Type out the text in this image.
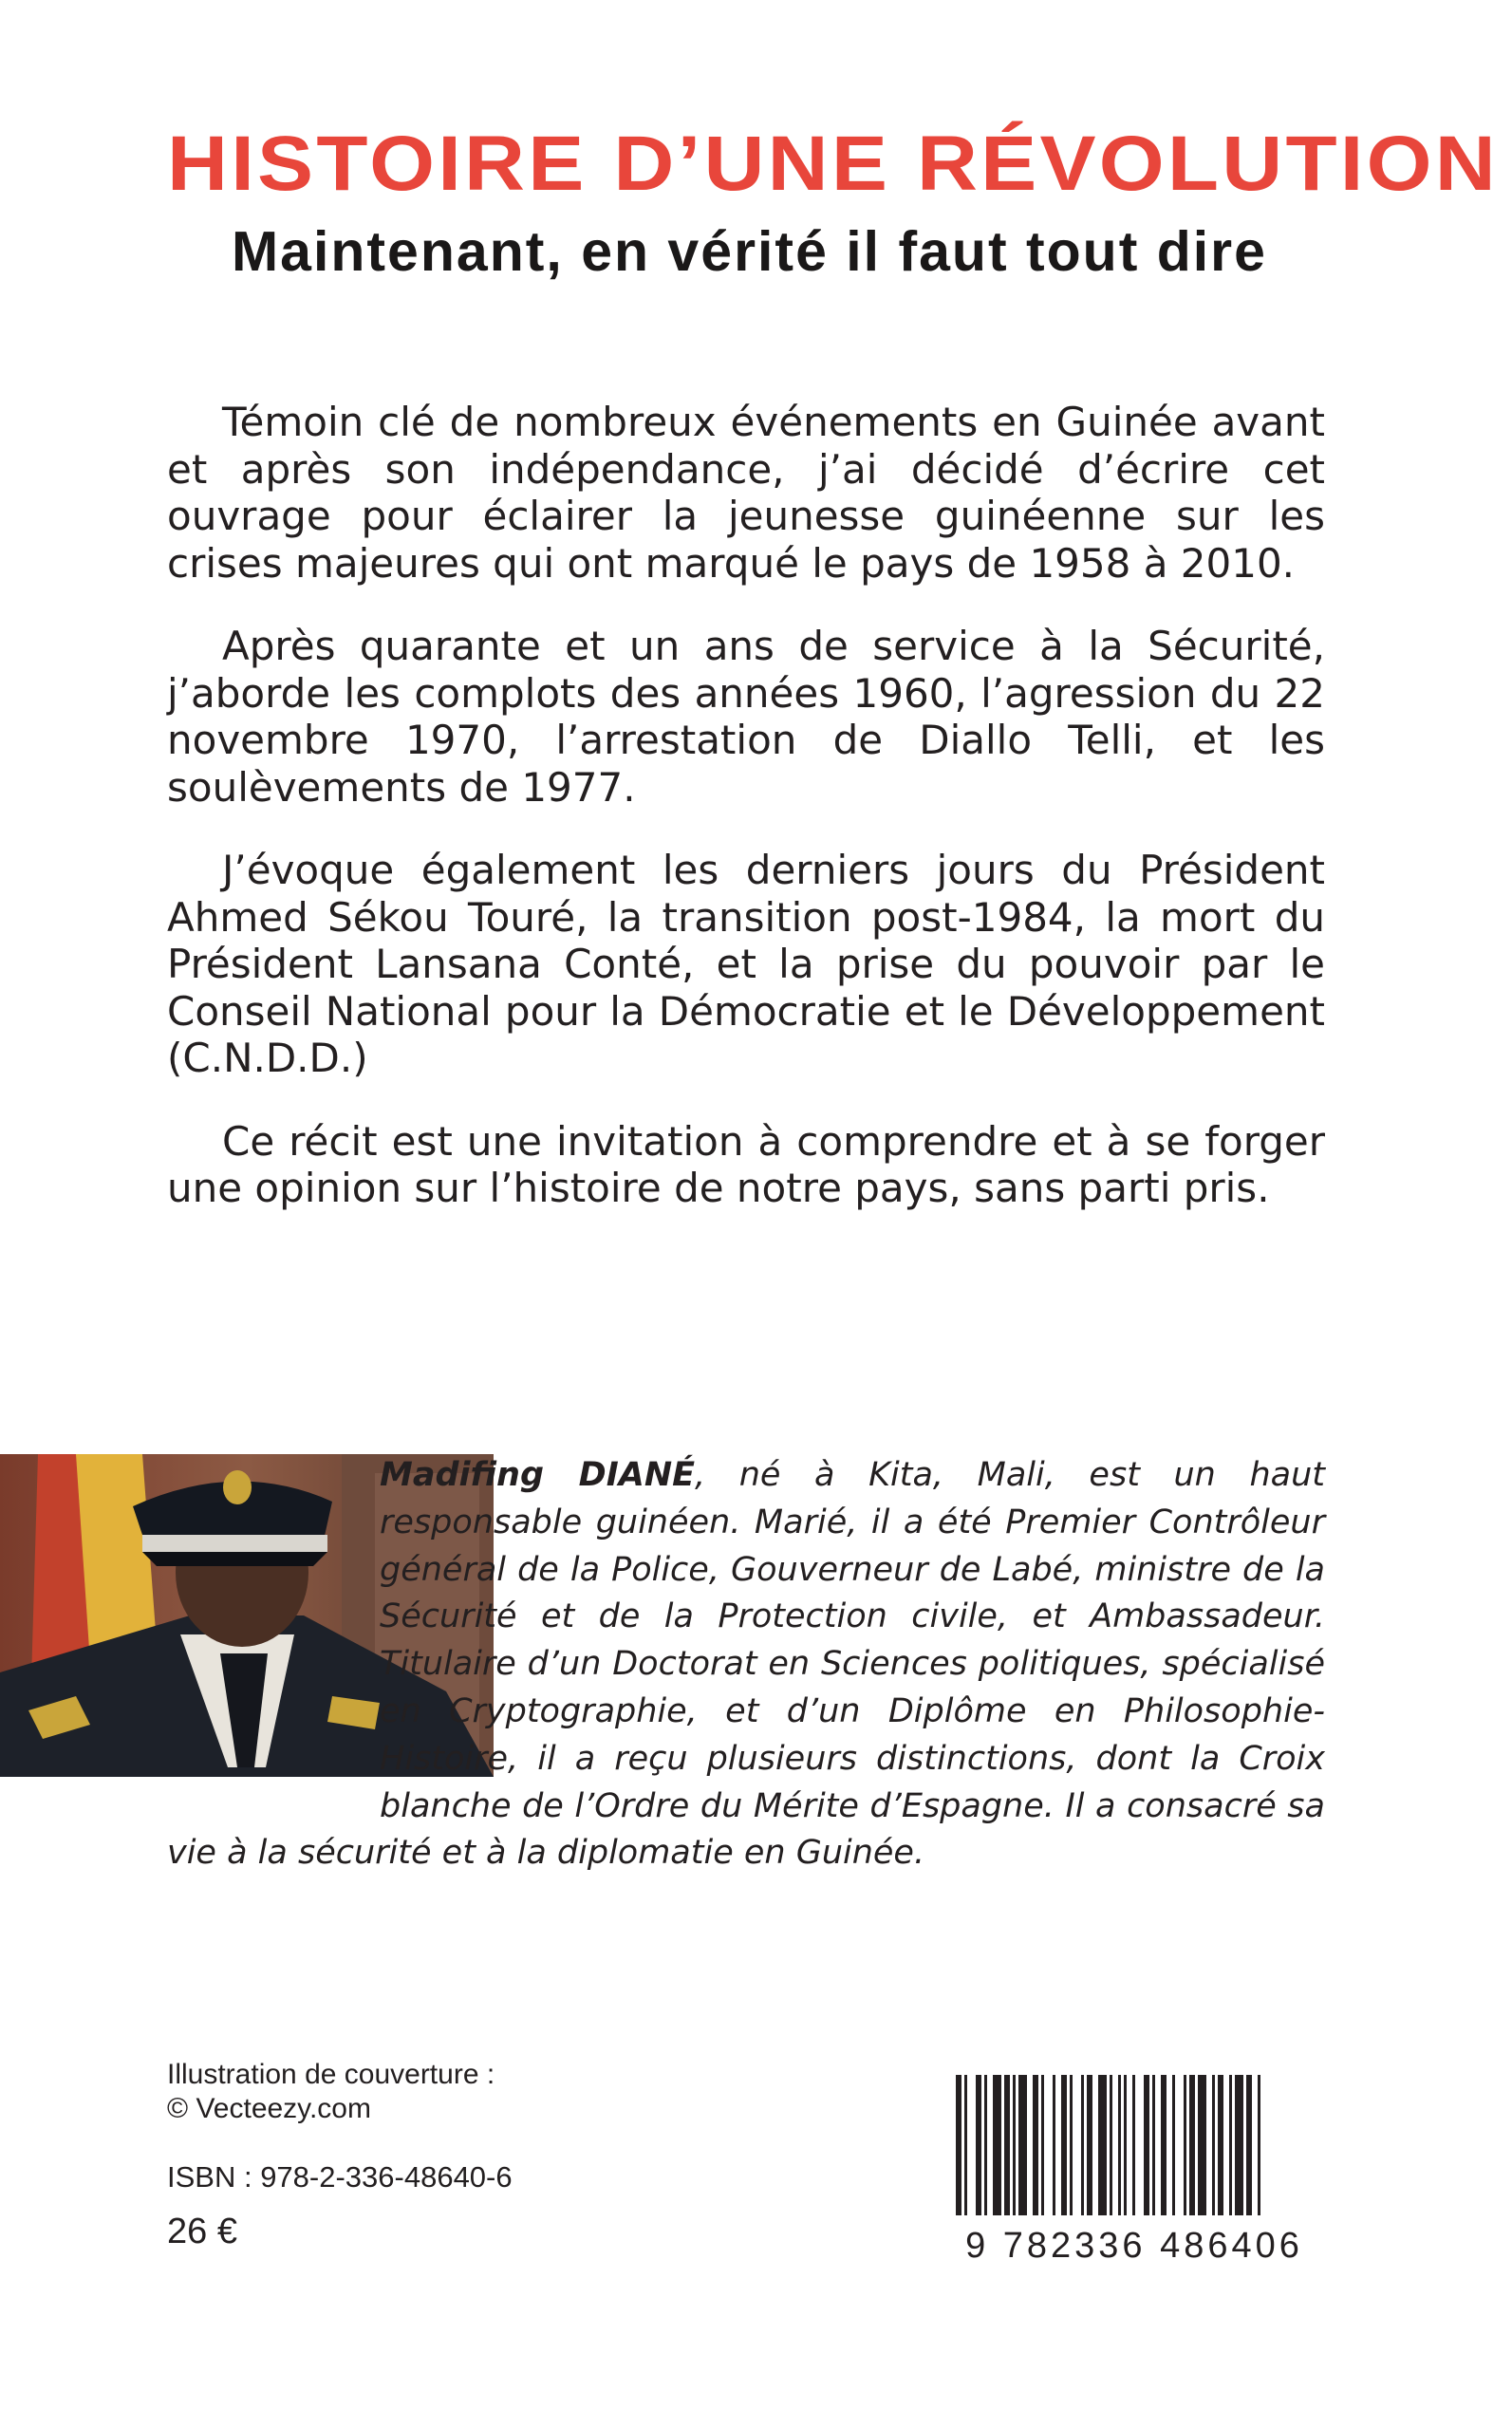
HISTOIRE D’UNE RÉVOLUTION
Maintenant, en vérité il faut tout dire

Témoin clé de nombreux événements en Guinée avant et après son indépendance, j’ai décidé d’écrire cet ouvrage pour éclairer la jeunesse guinéenne sur les crises majeures qui ont marqué le pays de 1958 à 2010.

Après quarante et un ans de service à la Sécurité, j’aborde les complots des années 1960, l’agression du 22 novembre 1970, l’arrestation de Diallo Telli, et les soulèvements de 1977.

J’évoque également les derniers jours du Président Ahmed Sékou Touré, la transition post-1984, la mort du Président Lansana Conté, et la prise du pouvoir par le Conseil National pour la Démocratie et le Développement (C.N.D.D.)

Ce récit est une invitation à comprendre et à se forger une opinion sur l’histoire de notre pays, sans parti pris.

Madifing DIANÉ, né à Kita, Mali, est un haut responsable guinéen. Marié, il a été Premier Contrôleur général de la Police, Gouverneur de Labé, ministre de la Sécurité et de la Protection civile, et Ambassadeur. Titulaire d’un Doctorat en Sciences politiques, spécialisé en Cryptographie, et d’un Diplôme en Philosophie-Histoire, il a reçu plusieurs distinctions, dont la Croix blanche de l’Ordre du Mérite d’Espagne. Il a consacré sa vie à la sécurité et à la diplomatie en Guinée.

Illustration de couverture :
© Vecteezy.com
ISBN : 978-2-336-48640-6
26 €	9 782336 486406
